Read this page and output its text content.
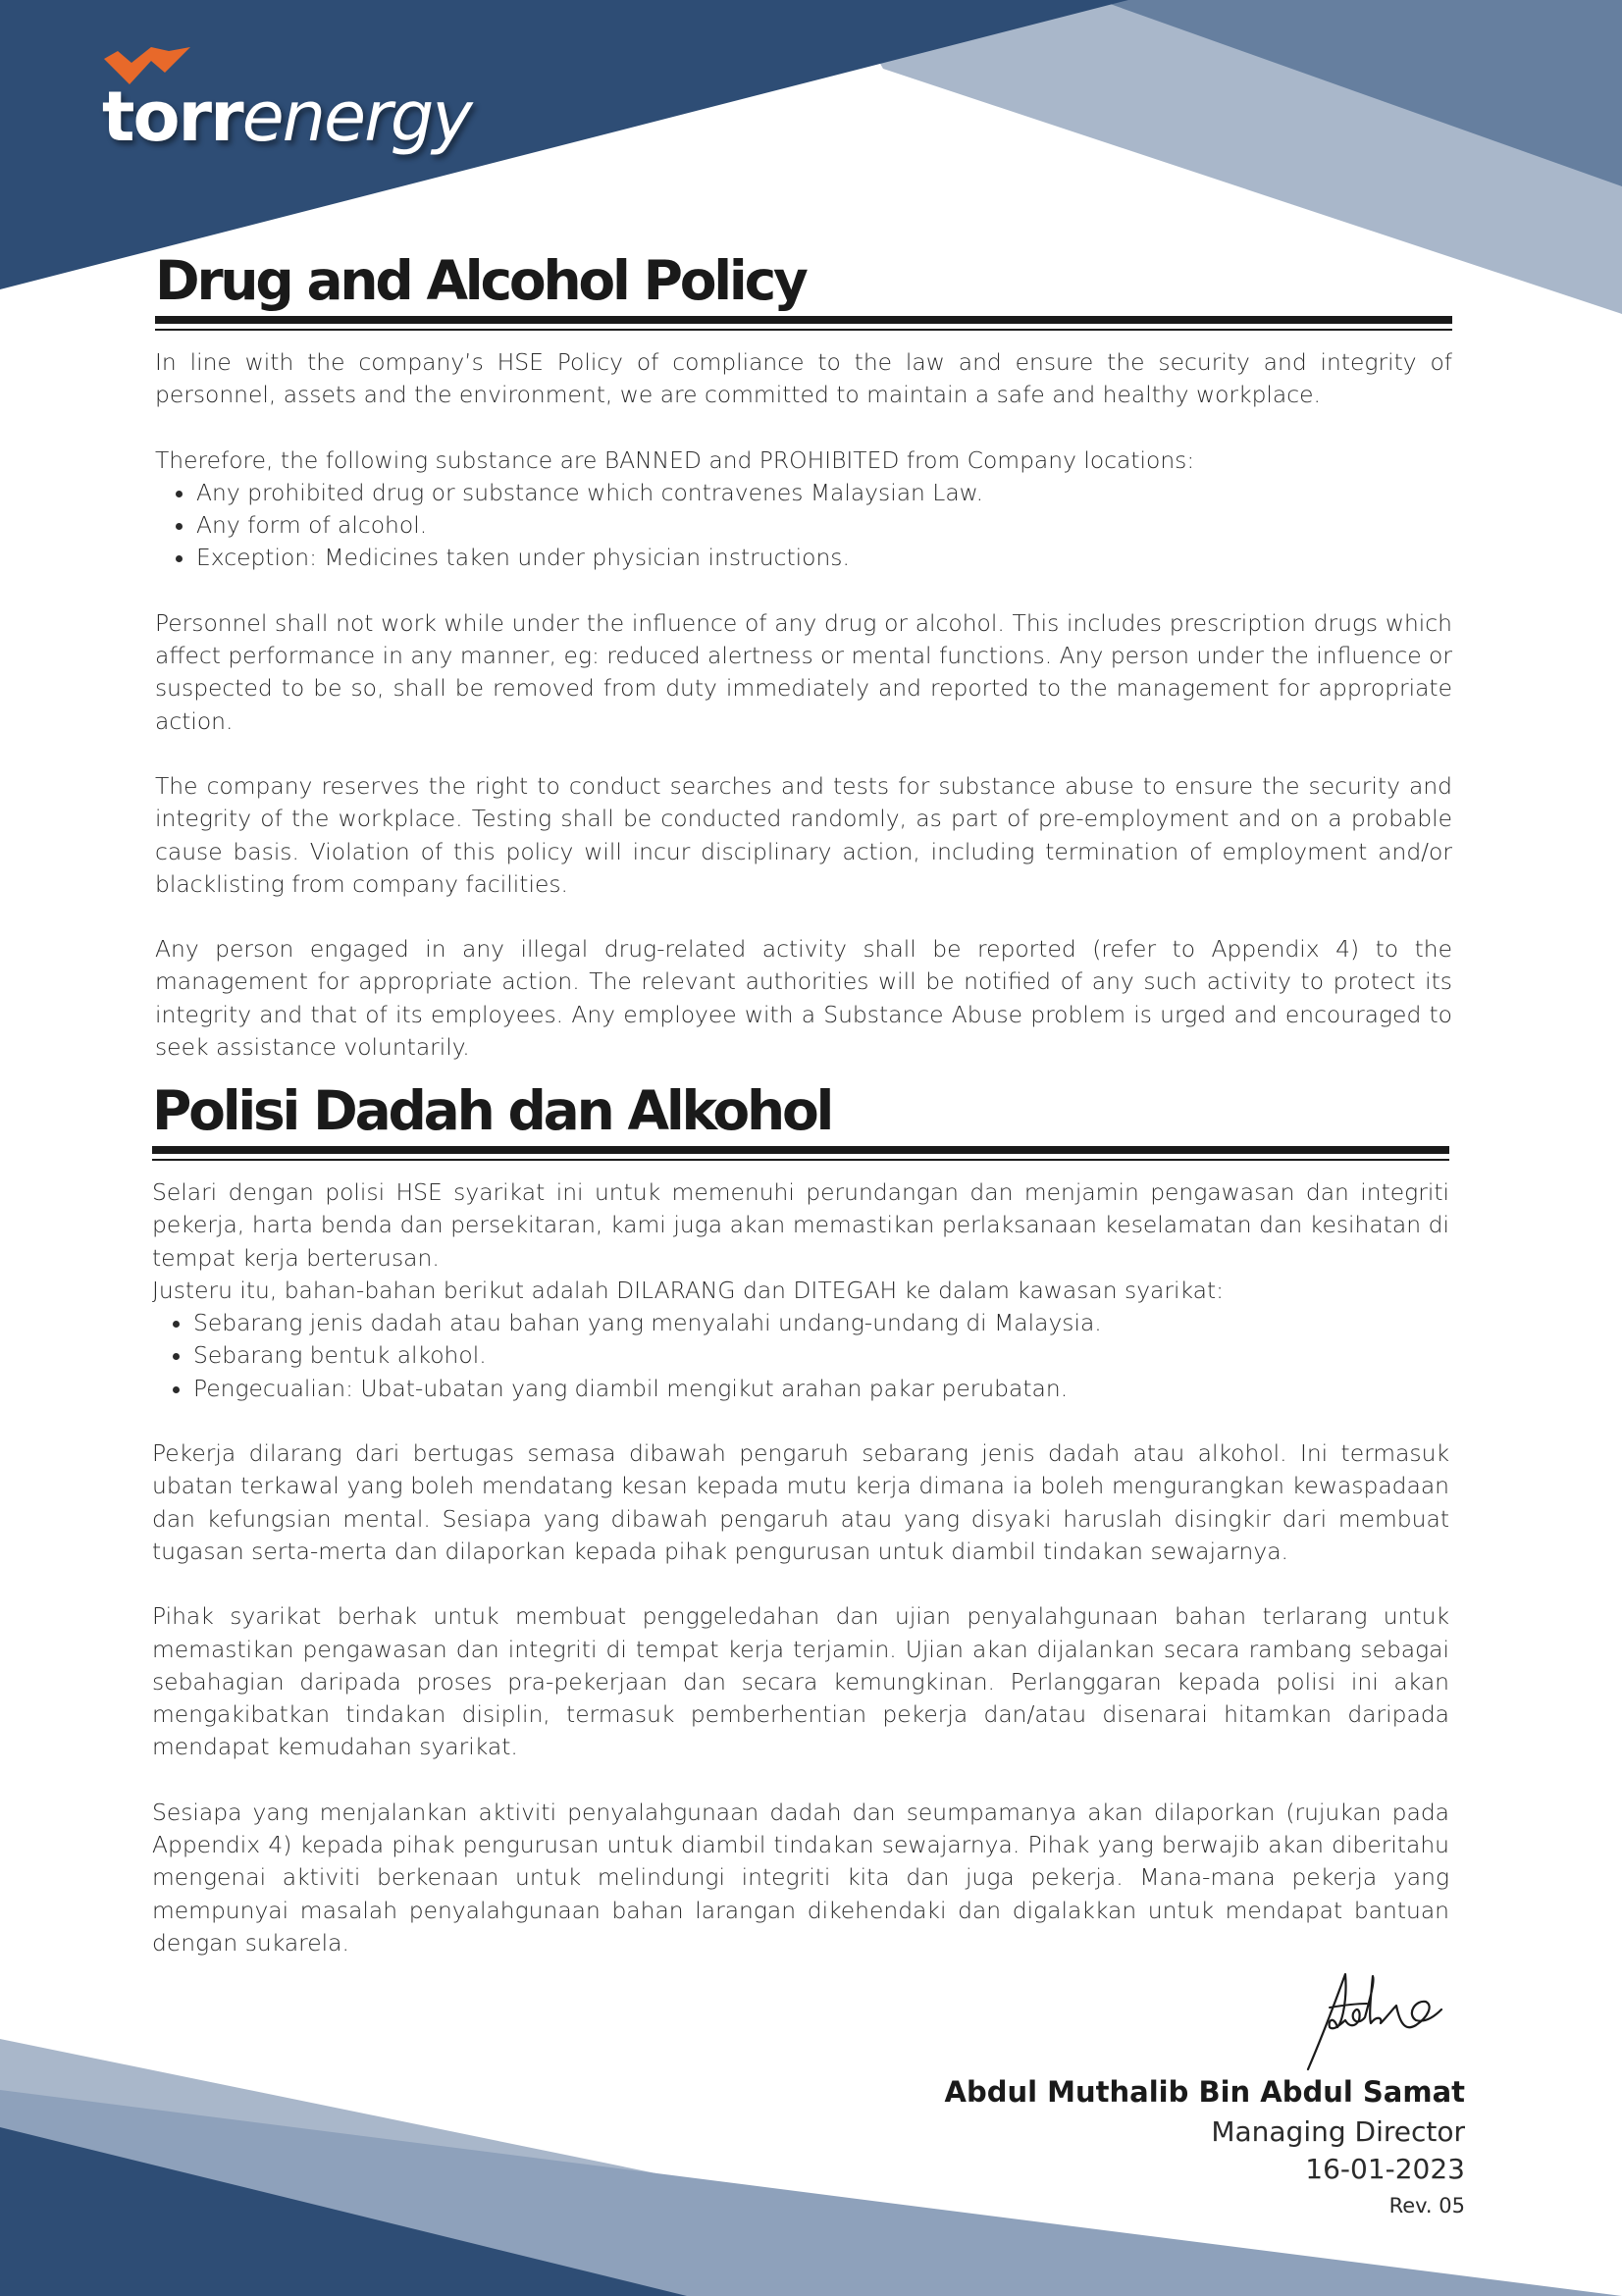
torrenergy
Drug and Alcohol Policy

In line with the company’s HSE Policy of compliance to the law and ensure the security and integrity of personnel, assets and the environment, we are committed to maintain a safe and healthy workplace.

Therefore, the following substance are BANNED and PROHIBITED from Company locations:

• Any prohibited drug or substance which contravenes Malaysian Law.
• Any form of alcohol.
• Exception: Medicines taken under physician instructions.

Personnel shall not work while under the influence of any drug or alcohol. This includes prescription drugs which affect performance in any manner, eg: reduced alertness or mental functions. Any person under the influence or suspected to be so, shall be removed from duty immediately and reported to the management for appropriate action.

The company reserves the right to conduct searches and tests for substance abuse to ensure the security and integrity of the workplace. Testing shall be conducted randomly, as part of pre-employment and on a probable cause basis. Violation of this policy will incur disciplinary action, including termination of employment and/or blacklisting from company facilities.

Any person engaged in any illegal drug-related activity shall be reported (refer to Appendix 4) to the management for appropriate action. The relevant authorities will be notified of any such activity to protect its integrity and that of its employees. Any employee with a Substance Abuse problem is urged and encouraged to seek assistance voluntarily.

Polisi Dadah dan Alkohol

Selari dengan polisi HSE syarikat ini untuk memenuhi perundangan dan menjamin pengawasan dan integriti pekerja, harta benda dan persekitaran, kami juga akan memastikan perlaksanaan keselamatan dan kesihatan di tempat kerja berterusan.

Justeru itu, bahan-bahan berikut adalah DILARANG dan DITEGAH ke dalam kawasan syarikat:

• Sebarang jenis dadah atau bahan yang menyalahi undang-undang di Malaysia.
• Sebarang bentuk alkohol.
• Pengecualian: Ubat-ubatan yang diambil mengikut arahan pakar perubatan.

Pekerja dilarang dari bertugas semasa dibawah pengaruh sebarang jenis dadah atau alkohol. Ini termasuk ubatan terkawal yang boleh mendatang kesan kepada mutu kerja dimana ia boleh mengurangkan kewaspadaan dan kefungsian mental. Sesiapa yang dibawah pengaruh atau yang disyaki haruslah disingkir dari membuat tugasan serta-merta dan dilaporkan kepada pihak pengurusan untuk diambil tindakan sewajarnya.

Pihak syarikat berhak untuk membuat penggeledahan dan ujian penyalahgunaan bahan terlarang untuk memastikan pengawasan dan integriti di tempat kerja terjamin. Ujian akan dijalankan secara rambang sebagai sebahagian daripada proses pra-pekerjaan dan secara kemungkinan. Perlanggaran kepada polisi ini akan mengakibatkan tindakan disiplin, termasuk pemberhentian pekerja dan/atau disenarai hitamkan daripada mendapat kemudahan syarikat.

Sesiapa yang menjalankan aktiviti penyalahgunaan dadah dan seumpamanya akan dilaporkan (rujukan pada Appendix 4) kepada pihak pengurusan untuk diambil tindakan sewajarnya. Pihak yang berwajib akan diberitahu mengenai aktiviti berkenaan untuk melindungi integriti kita dan juga pekerja. Mana-mana pekerja yang mempunyai masalah penyalahgunaan bahan larangan dikehendaki dan digalakkan untuk mendapat bantuan dengan sukarela.

Abdul Muthalib Bin Abdul Samat
Managing Director
16-01-2023
Rev. 05
